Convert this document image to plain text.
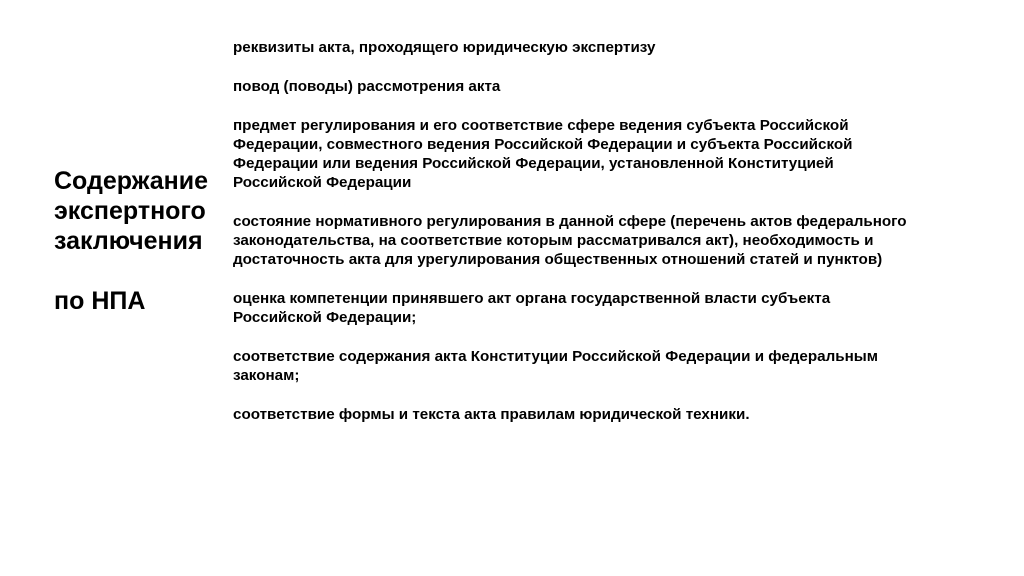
Содержание
экспертного
заключения
по НПА
реквизиты акта, проходящего юридическую экспертизу
повод (поводы) рассмотрения акта
предмет регулирования и его соответствие сфере ведения субъекта Российской Федерации, совместного ведения Российской Федерации и субъекта Российской Федерации или ведения Российской Федерации, установленной Конституцией Российской Федерации
состояние нормативного регулирования в данной сфере (перечень актов федерального законодательства, на соответствие которым рассматривался акт), необходимость и достаточность акта для урегулирования общественных отношений статей и пунктов)
оценка компетенции принявшего акт органа государственной власти субъекта Российской Федерации;
соответствие содержания акта Конституции Российской Федерации и федеральным законам;
соответствие формы и текста акта правилам юридической техники.
